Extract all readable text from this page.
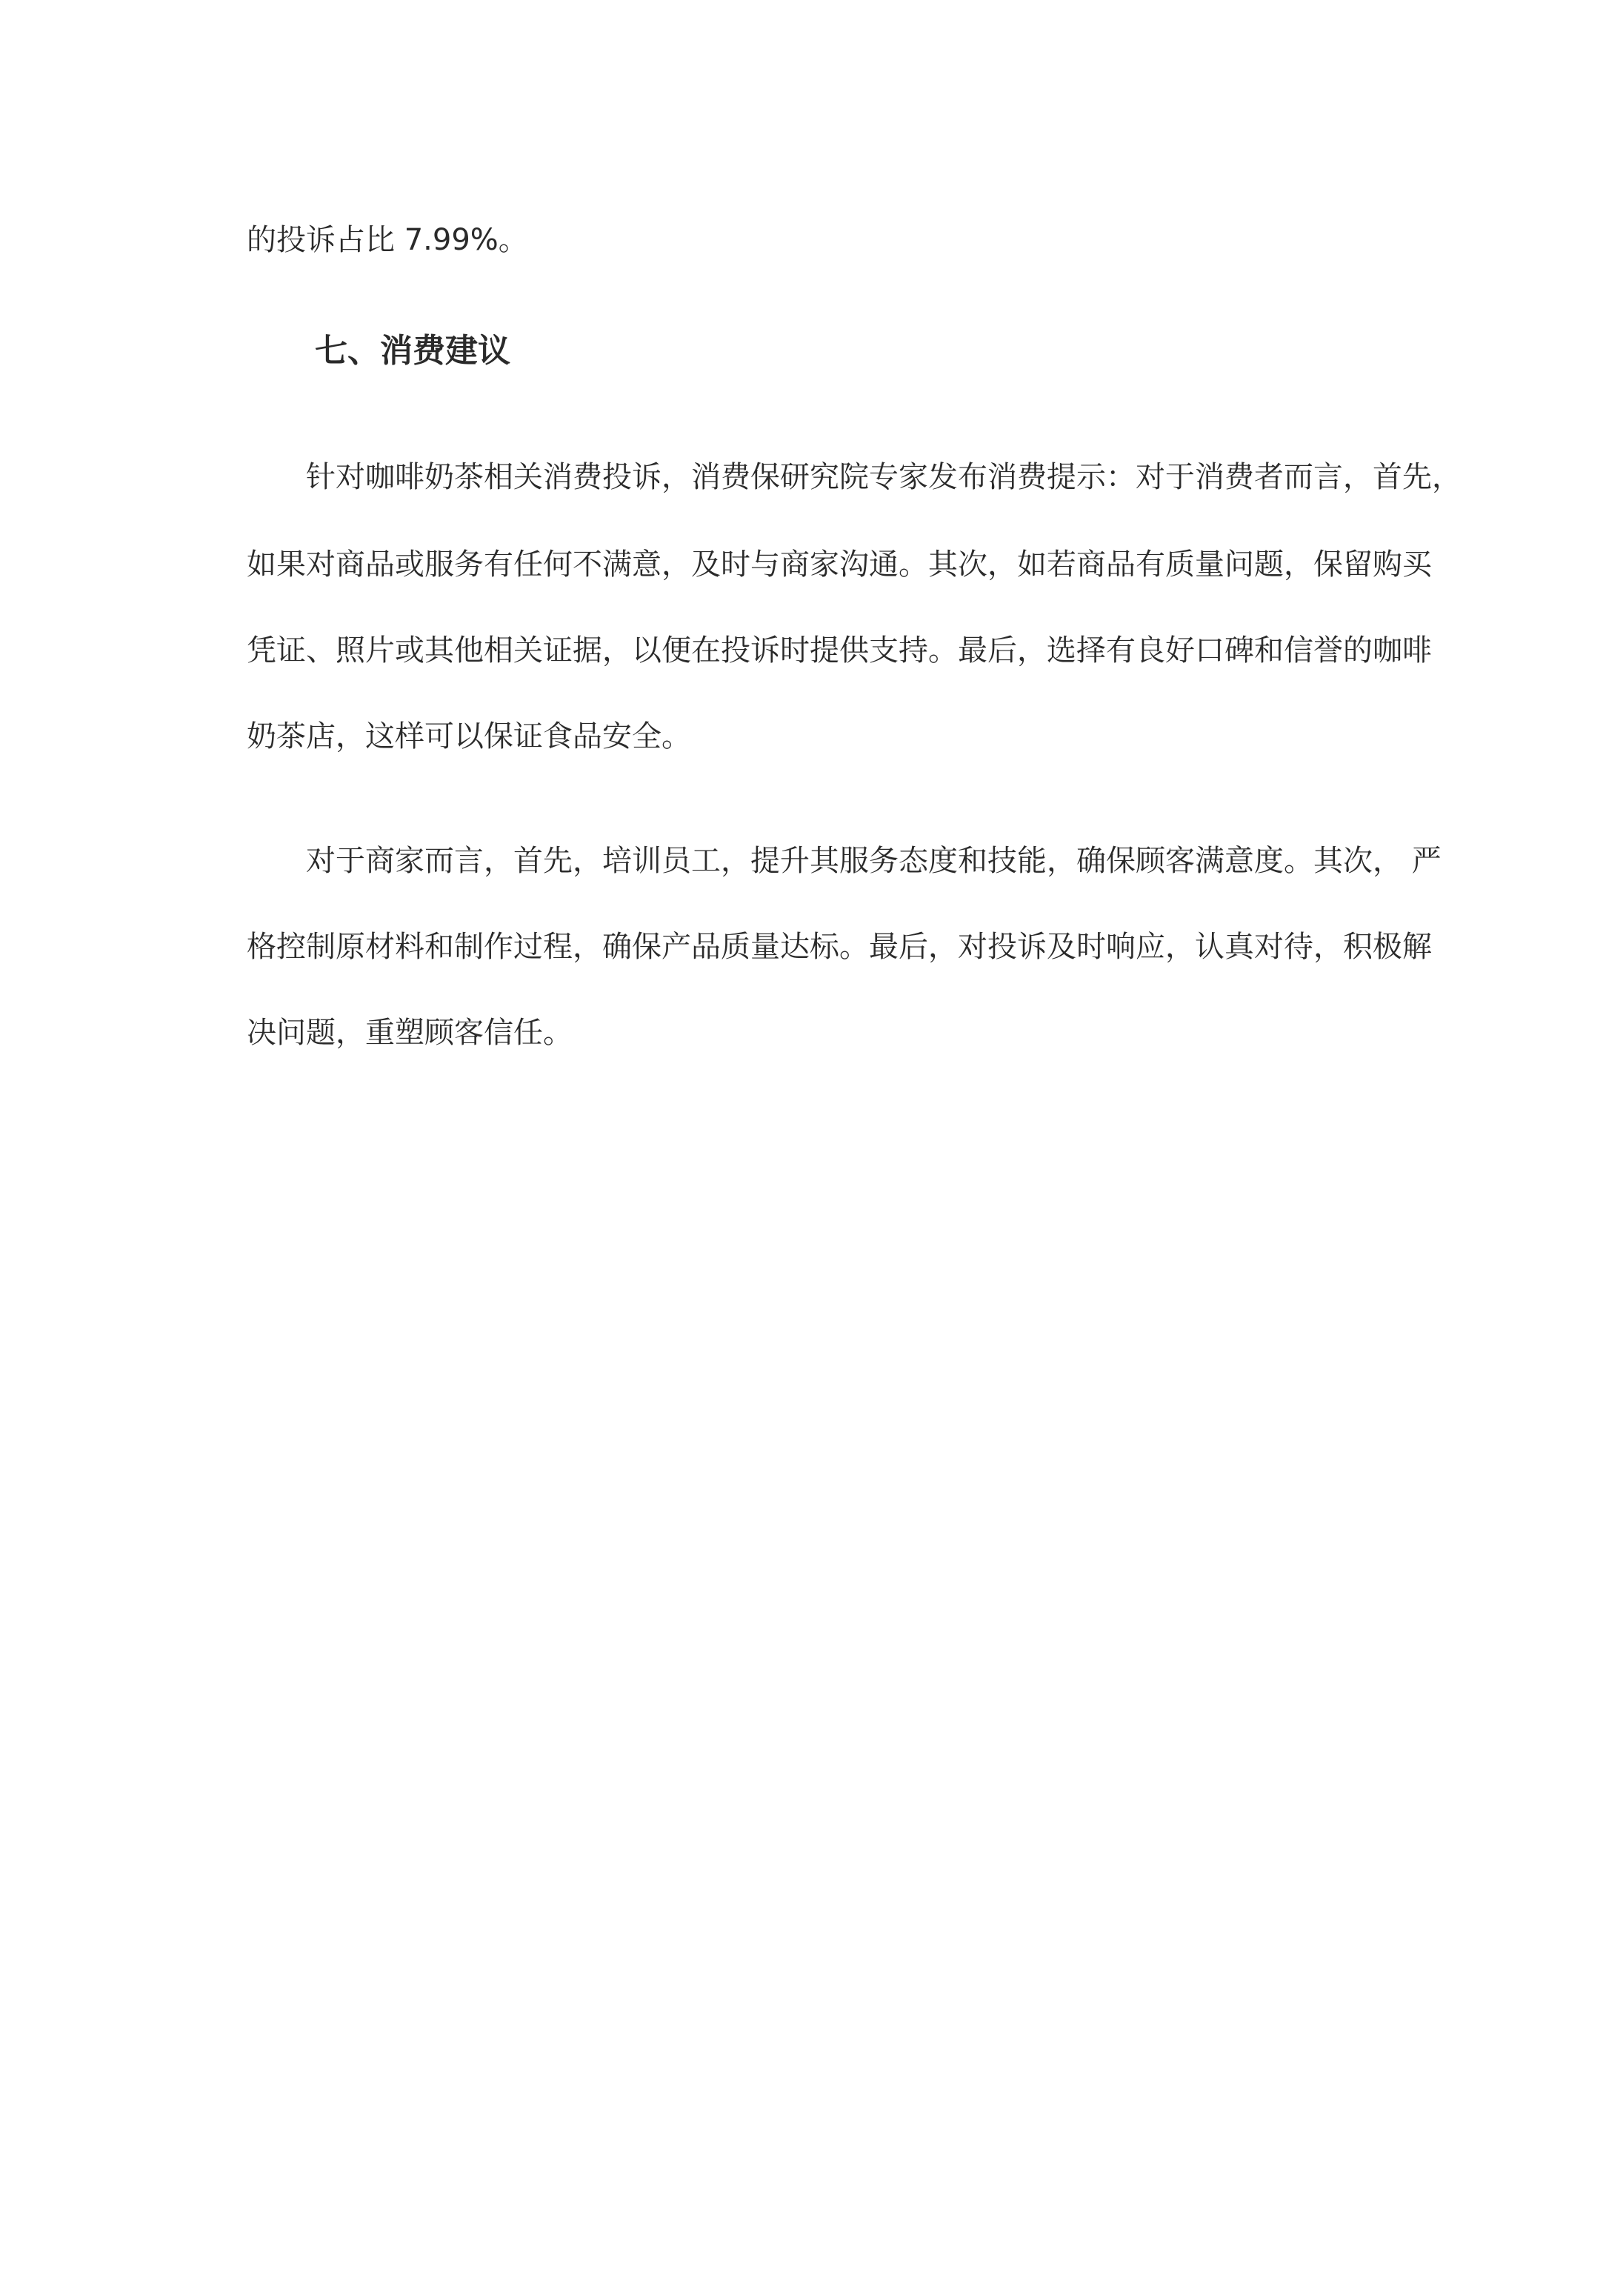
的投诉占比 7.99%。
七、消费建议
针对咖啡奶茶相关消费投诉，消费保研究院专家发布消费提示：对于消费者而言，首先，
如果对商品或服务有任何不满意，及时与商家沟通。其次，如若商品有质量问题，保留购买
凭证、照片或其他相关证据，以便在投诉时提供支持。最后，选择有良好口碑和信誉的咖啡
奶茶店，这样可以保证食品安全。
对于商家而言，首先，培训员工，提升其服务态度和技能，确保顾客满意度。其次， 严
格控制原材料和制作过程，确保产品质量达标。最后，对投诉及时响应，认真对待，积极解
决问题，重塑顾客信任。
